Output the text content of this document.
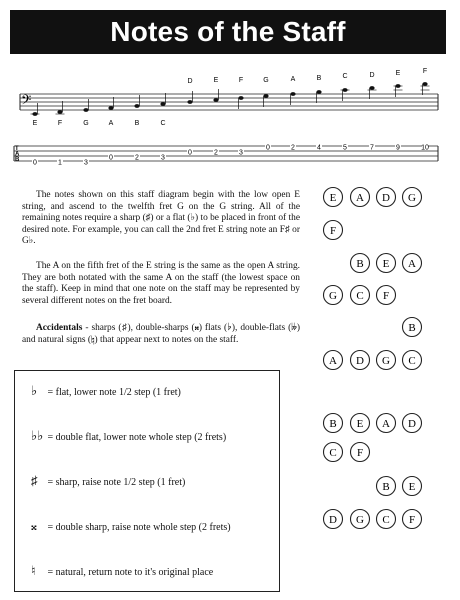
Notes of the Staff
𝄢
D	E	F	G	A	B	C	D	E	F
E	F	G	A	B	C
T
A
B
0	2	4	5	7	9	10
0	2	3
0	2	3
0	1	3

The notes shown on this staff diagram begin with the low open E string, and ascend to the twelfth fret G on the G string. All of the remaining notes require a sharp (♯) or a flat (♭) to be placed in front of the desired note. For example, you can call the 2nd fret E string note an F♯ or G♭.

The A on the fifth fret of the E string is the same as the open A string. They are both notated with the same A on the staff (the lowest space on the staff). Keep in mind that one note on the staff may be represented by several different notes on the fret board.

Accidentals - sharps (♯), double-sharps (𝄪) flats (♭), double-flats (𝄫) and natural signs (♮) that appear next to notes on the staff.

♭ = flat, lower note 1/2 step (1 fret)
♭♭ = double flat, lower note whole step (2 frets)
♯ = sharp, raise note 1/2 step (1 fret)
𝄪 = double sharp, raise note whole step (2 frets)
♮ = natural, return note to it's original place
E A D G
F
B E A
G C F
B
A D G C
B E A D
C F
B E
D G C F
